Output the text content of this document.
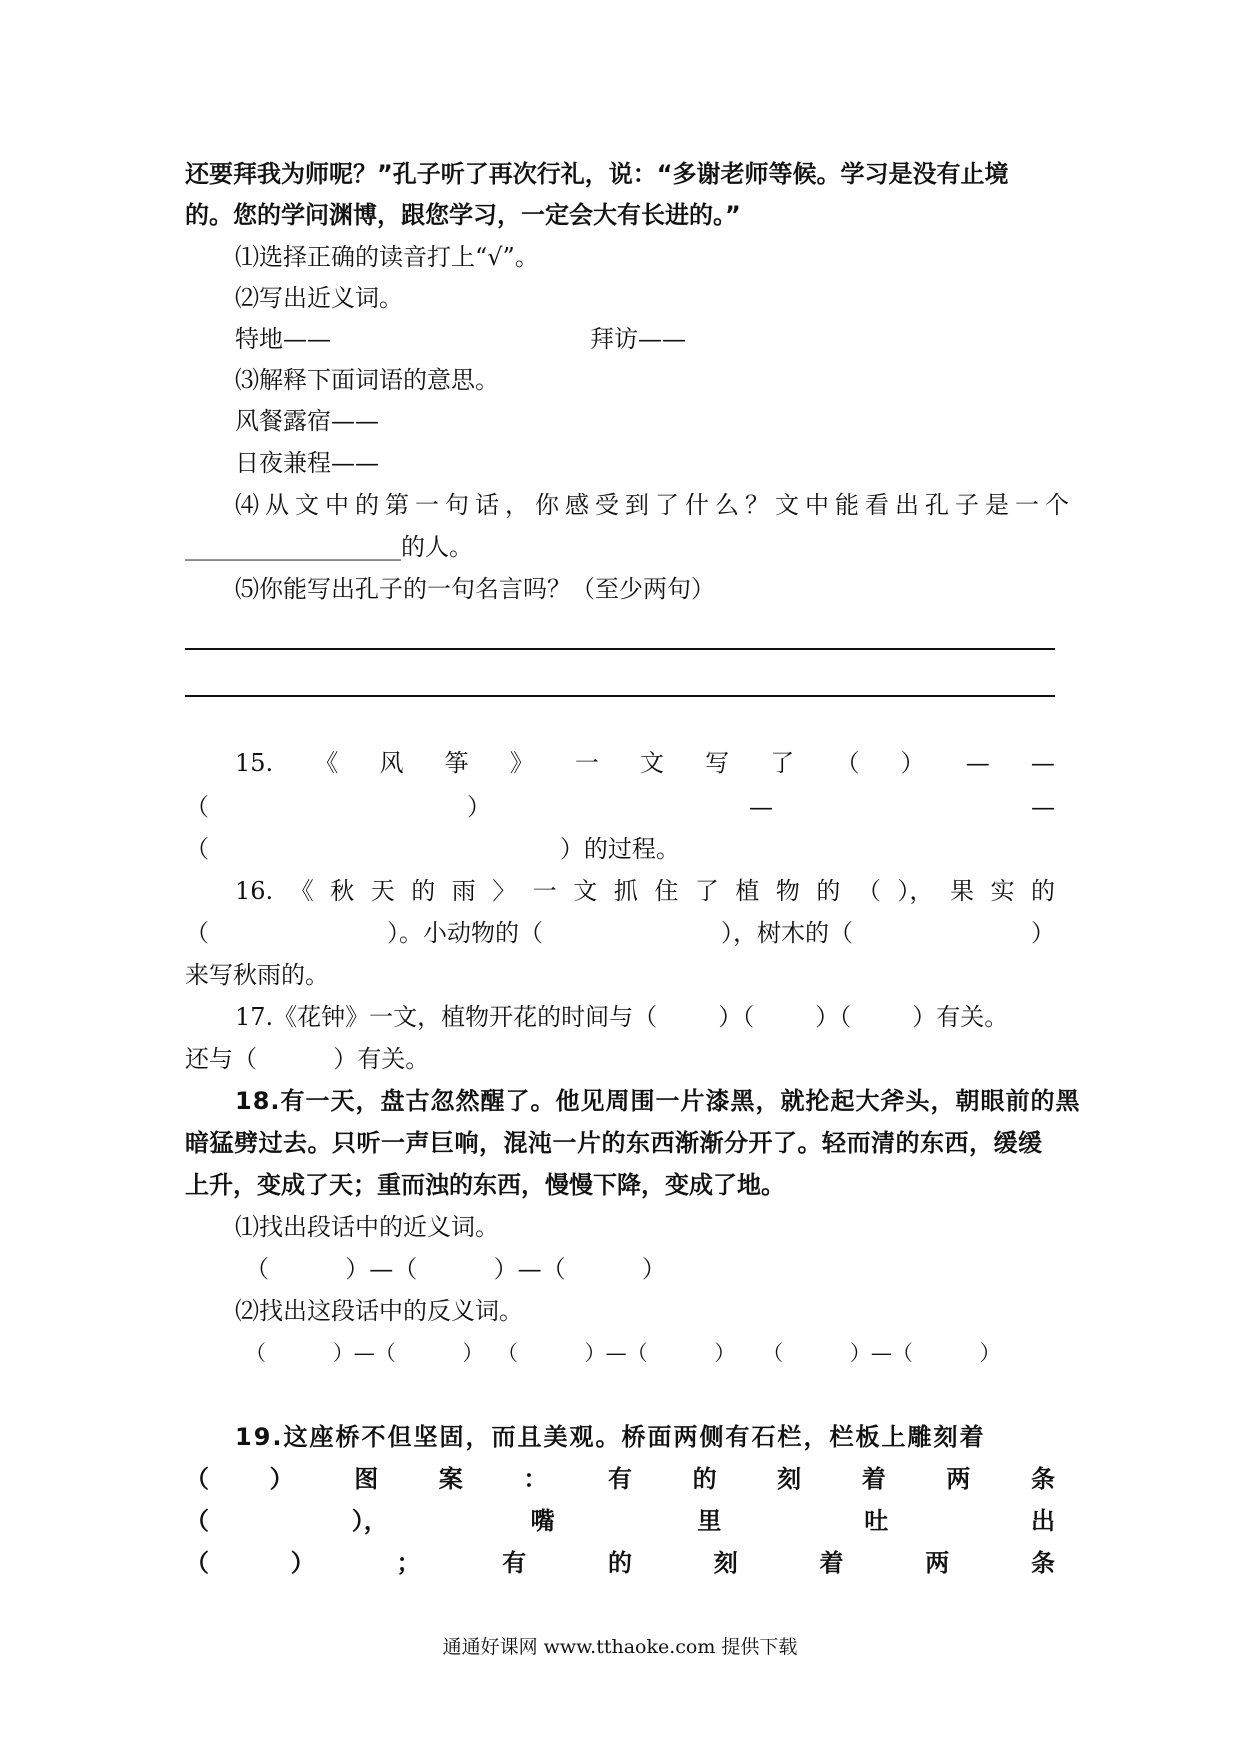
还要拜我为师呢？”孔子听了再次行礼，说：“多谢老师等候。学习是没有止境
的。您的学问渊博，跟您学习，一定会大有长进的。”
⑴选择正确的读音打上“√”。
⑵写出近义词。
特地——	拜访——
⑶解释下面词语的意思。
风餐露宿——
日夜兼程——
⑷从文中的第一句话，你感受到了什么？文中能看出孔子是一个
__________________的人。
⑸你能写出孔子的一句名言吗？（至少两句）
15. 《 风 筝 》 一 文 写 了 （ ） — —
（	）	—	—
（                                              ）的过程。
16. 《 秋 天 的 雨 〉 一 文 抓 住 了 植 物 的 （ ）， 果 实 的
（	）。小动物的（	），树木的（	）
来写秋雨的。
17.《花钟》一文，植物开花的时间与（        ）（        ）（        ）有关。
还与（          ）有关。
18.有一天，盘古忽然醒了。他见周围一片漆黑，就抡起大斧头，朝眼前的黑
暗猛劈过去。只听一声巨响，混沌一片的东西渐渐分开了。轻而清的东西，缓缓
上升，变成了天；重而浊的东西，慢慢下降，变成了地。
⑴找出段话中的近义词。
（          ）—（          ）—（          ）
⑵找出这段话中的反义词。
（          ）—（          ）  （          ）—（          ）    （          ）—（          ）
19.这座桥不但坚固，而且美观。桥面两侧有石栏，栏板上雕刻着
（	）	图	案	：	有	的	刻	着	两	条
（	），	嘴	里	吐	出
（	）	；	有	的	刻	着	两	条
通通好课网 www.tthaoke.com 提供下载
